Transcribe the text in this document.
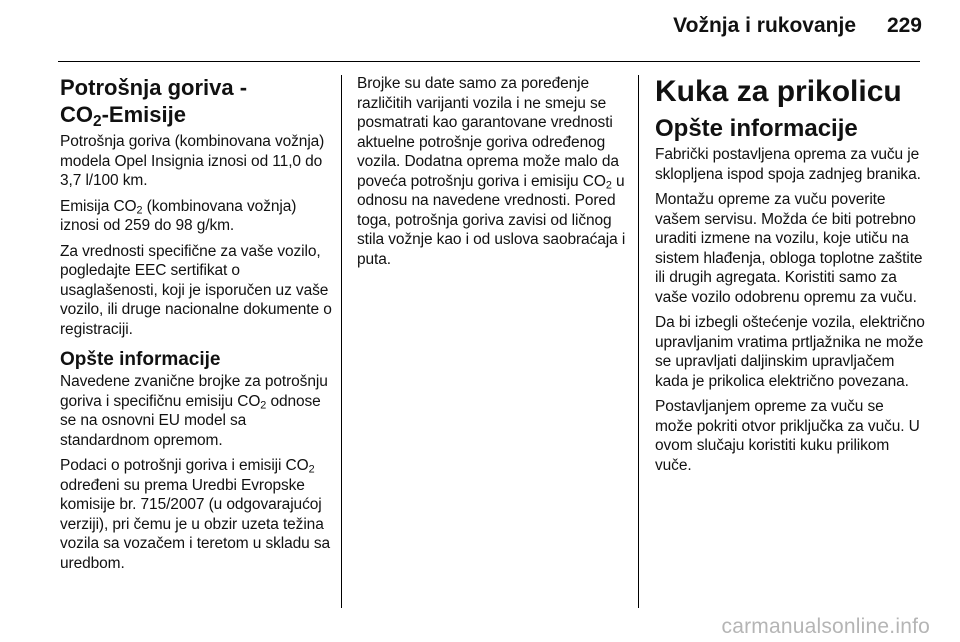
Vožnja i rukovanje	229
Potrošnja goriva -
$CO_2$-Emisije

Potrošnja goriva (kombinovana vožnja) modela Opel Insignia iznosi od 11,0 do 3,7 l/100 km.

Emisija $CO_2$ (kombinovana vožnja) iznosi od 259 do 98 g/km.

Za vrednosti specifične za vaše vozilo, pogledajte EEC sertifikat o usaglašenosti, koji je isporučen uz vaše vozilo, ili druge nacionalne dokumente o registraciji.

Opšte informacije

Navedene zvanične brojke za potrošnju goriva i specifičnu emisiju $CO_2$ odnose se na osnovni EU model sa standardnom opremom.

Podaci o potrošnji goriva i emisiji $CO_2$ određeni su prema Uredbi Evropske komisije br. 715/2007 (u odgovarajućoj verziji), pri čemu je u obzir uzeta težina vozila sa vozačem i teretom u skladu sa uredbom.

Brojke su date samo za poređenje različitih varijanti vozila i ne smeju se posmatrati kao garantovane vrednosti aktuelne potrošnje goriva određenog vozila. Dodatna oprema može malo da poveća potrošnju goriva i emisiju $CO_2$ u odnosu na navedene vrednosti. Pored toga, potrošnja goriva zavisi od ličnog stila vožnje kao i od uslova saobraćaja i puta.

Kuka za prikolicu
Opšte informacije

Fabrički postavljena oprema za vuču je sklopljena ispod spoja zadnjeg branika.

Montažu opreme za vuču poverite vašem servisu. Možda će biti potrebno uraditi izmene na vozilu, koje utiču na sistem hlađenja, obloga toplotne zaštite ili drugih agregata. Koristiti samo za vaše vozilo odobrenu opremu za vuču.

Da bi izbegli oštećenje vozila, električno upravljanim vratima prtljažnika ne može se upravljati daljinskim upravljačem kada je prikolica električno povezana.

Postavljanjem opreme za vuču se može pokriti otvor priključka za vuču. U ovom slučaju koristiti kuku prilikom vuče.

carmanualsonline.info
